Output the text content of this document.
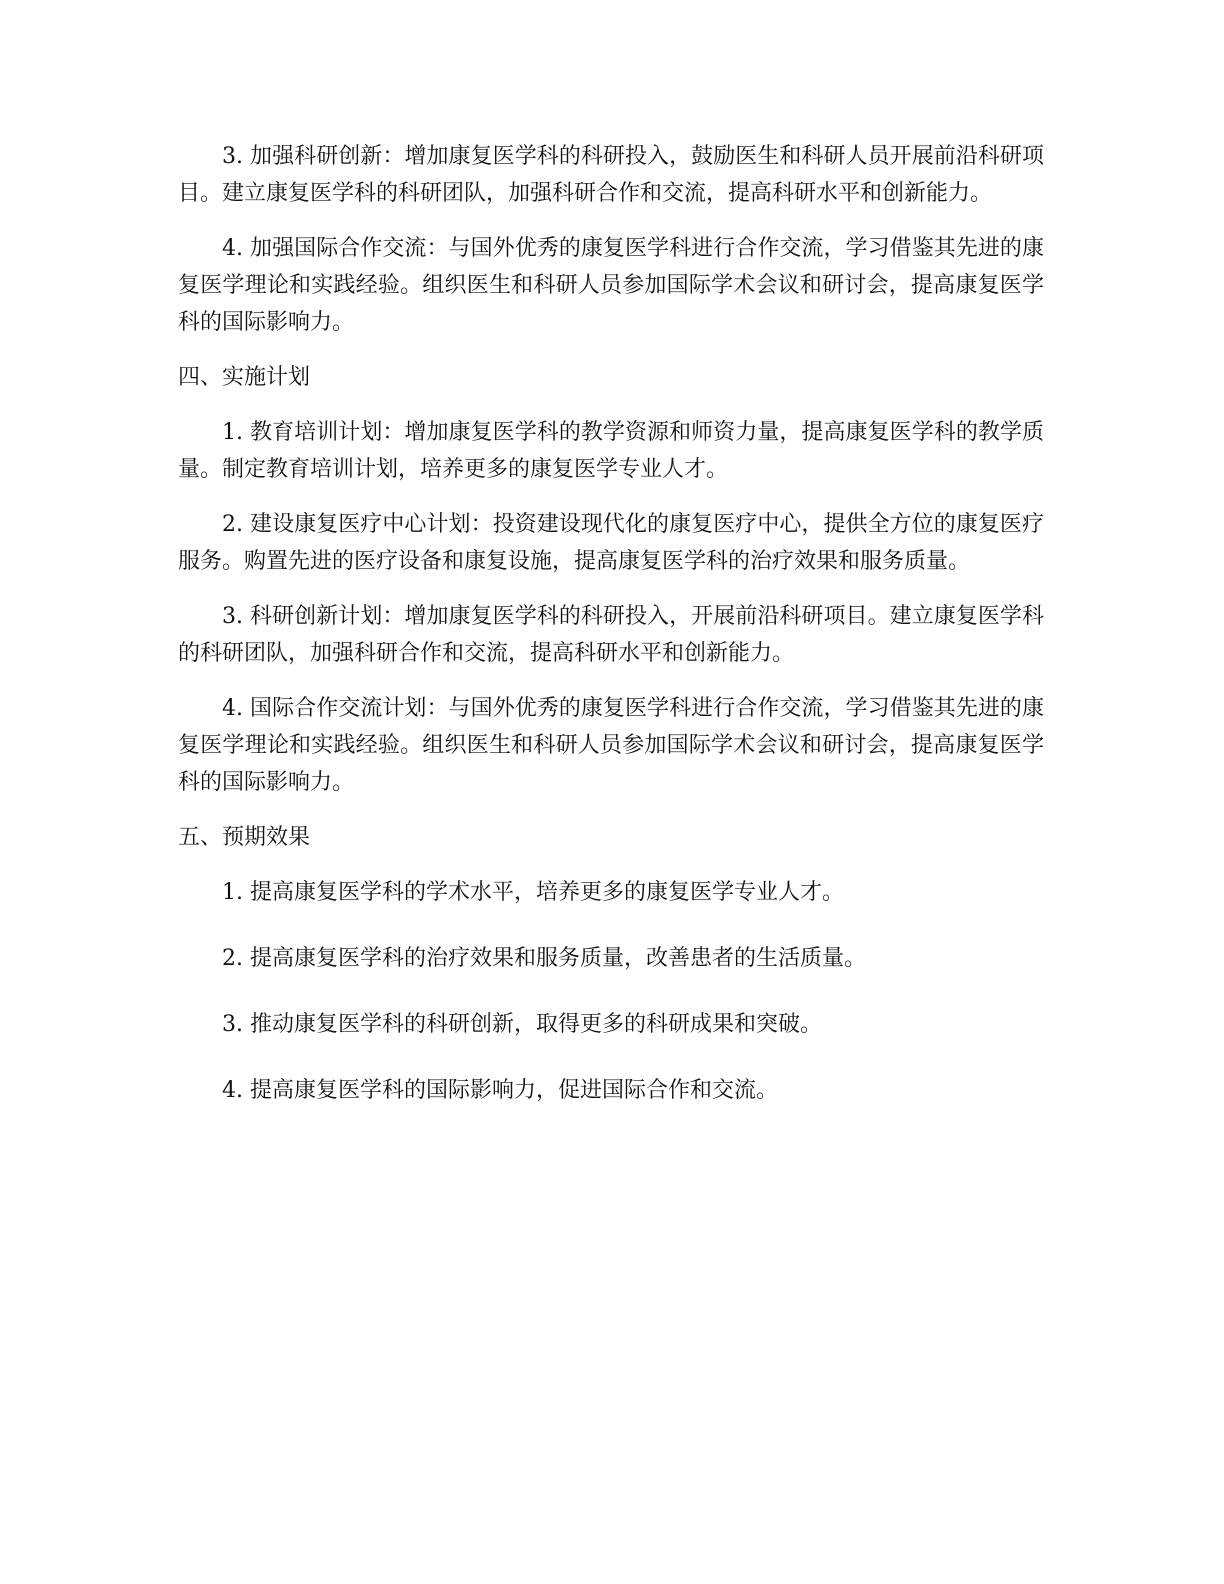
3. 加强科研创新：增加康复医学科的科研投入，鼓励医生和科研人员开展前沿科研项目。建立康复医学科的科研团队，加强科研合作和交流，提高科研水平和创新能力。

4. 加强国际合作交流：与国外优秀的康复医学科进行合作交流，学习借鉴其先进的康复医学理论和实践经验。组织医生和科研人员参加国际学术会议和研讨会，提高康复医学科的国际影响力。

四、实施计划

1. 教育培训计划：增加康复医学科的教学资源和师资力量，提高康复医学科的教学质量。制定教育培训计划，培养更多的康复医学专业人才。

2. 建设康复医疗中心计划：投资建设现代化的康复医疗中心，提供全方位的康复医疗服务。购置先进的医疗设备和康复设施，提高康复医学科的治疗效果和服务质量。

3. 科研创新计划：增加康复医学科的科研投入，开展前沿科研项目。建立康复医学科的科研团队，加强科研合作和交流，提高科研水平和创新能力。

4. 国际合作交流计划：与国外优秀的康复医学科进行合作交流，学习借鉴其先进的康复医学理论和实践经验。组织医生和科研人员参加国际学术会议和研讨会，提高康复医学科的国际影响力。

五、预期效果

1. 提高康复医学科的学术水平，培养更多的康复医学专业人才。

2. 提高康复医学科的治疗效果和服务质量，改善患者的生活质量。

3. 推动康复医学科的科研创新，取得更多的科研成果和突破。

4. 提高康复医学科的国际影响力，促进国际合作和交流。
